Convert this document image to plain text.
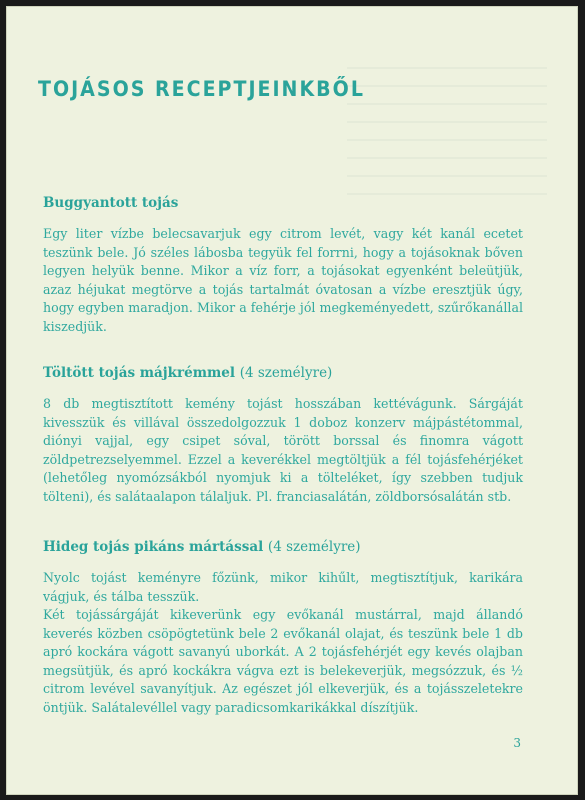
TOJÁSOS RECEPTJEINKBŐL

Buggyantott tojás

Egy liter vízbe belecsavarjuk egy citrom levét, vagy két kanál ecetet teszünk bele. Jó széles lábosba tegyük fel forrni, hogy a tojásoknak bőven legyen helyük benne. Mikor a víz forr, a tojásokat egyenként beleütjük, azaz héjukat megtörve a tojás tartalmát óvatosan a vízbe eresztjük úgy, hogy egyben maradjon. Mikor a fehérje jól megkeményedett, szűrőkanállal kiszedjük.

Töltött tojás májkrémmel (4 személyre)

8 db megtisztított kemény tojást hosszában kettévágunk. Sárgáját kivesszük és villával összedolgozzuk 1 doboz konzerv májpástétommal, diónyi vajjal, egy csipet sóval, törött borssal és finomra vágott zöldpetrezselyemmel. Ezzel a keverékkel megtöltjük a fél tojásfehérjéket (lehetőleg nyomózsákból nyomjuk ki a tölteléket, így szebben tudjuk tölteni), és salátaalapon tálaljuk. Pl. franciasalátán, zöldborsósalátán stb.

Hideg tojás pikáns mártással (4 személyre)

Nyolc tojást keményre főzünk, mikor kihűlt, megtisztítjuk, karikára vágjuk, és tálba tesszük.

Két tojássárgáját kikeverünk egy evőkanál mustárral, majd állandó keverés közben csöpögtetünk bele 2 evőkanál olajat, és teszünk bele 1 db apró kockára vágott savanyú uborkát. A 2 tojásfehérjét egy kevés olajban megsütjük, és apró kockákra vágva ezt is belekeverjük, megsózzuk, és ½ citrom levével savanyítjuk. Az egészet jól elkeverjük, és a tojásszeletekre öntjük. Salátalevéllel vagy paradicsomkarikákkal díszítjük.

3
